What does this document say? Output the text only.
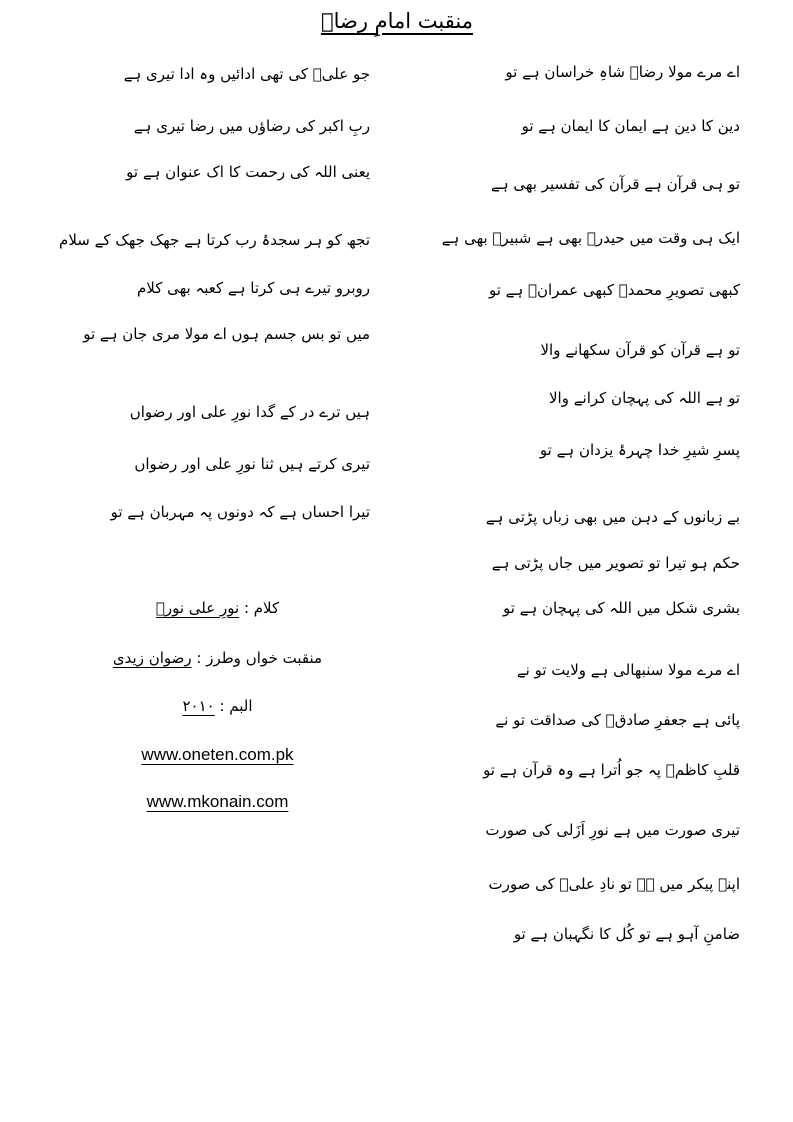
منقبت امامِ رضاؑ
اے مرے مولا رضاؑ شاہِ خراسان ہے تو
دین کا دین ہے ایمان کا ایمان ہے تو
تو ہی قرآن ہے قرآن کی تفسیر بھی ہے
ایک ہی وقت میں حیدرؑ بھی ہے شبیرؑ بھی ہے
کبھی تصویرِ محمدؐ کبھی عمرانؑ ہے تو
تو ہے قرآن کو قرآن سکھانے والا
تو ہے اللہ کی پہچان کرانے والا
پسرِ شیرِ خدا چہرۂ یزدان ہے تو
بے زبانوں کے دہن میں بھی زباں پڑتی ہے
حکم ہو تیرا تو تصویر میں جاں پڑتی ہے
بشری شکل میں اللہ کی پہچان ہے تو
اے مرے مولا سنبھالی ہے ولایت تو نے
پائی ہے جعفرِ صادقؑ کی صداقت تو نے
قلبِ کاظمؑ پہ جو اُترا ہے وہ قرآن ہے تو
تیری صورت میں ہے نورِ اَزَلی کی صورت
اپنے پیکر میں ہے تو نادِ علیؑ کی صورت
ضامنِ آہو ہے تو کُل کا نگہبان ہے تو
جو علیؑ کی تھی ادائیں وہ ادا تیری ہے
ربِ اکبر کی رضاؤں میں رضا تیری ہے
یعنی اللہ کی رحمت کا اک عنوان ہے تو
تجھ کو ہر سجدۂ رب کرتا ہے جھک جھک کے سلام
روبرو تیرے ہی کرتا ہے کعبہ بھی کلام
میں تو بس جسم ہوں اے مولا مری جان ہے تو
ہیں ترے در کے گدا نورِ علی اور رضواں
تیری کرتے ہیں ثنا نورِ علی اور رضواں
تیرا احساں ہے کہ دونوں پہ مہربان ہے تو
کلام : نورِ علی نورؔ
منقبت خواں وطرز : رضوان زیدی
البم : ۲۰۱۰
www.oneten.com.pk
www.mkonain.com
